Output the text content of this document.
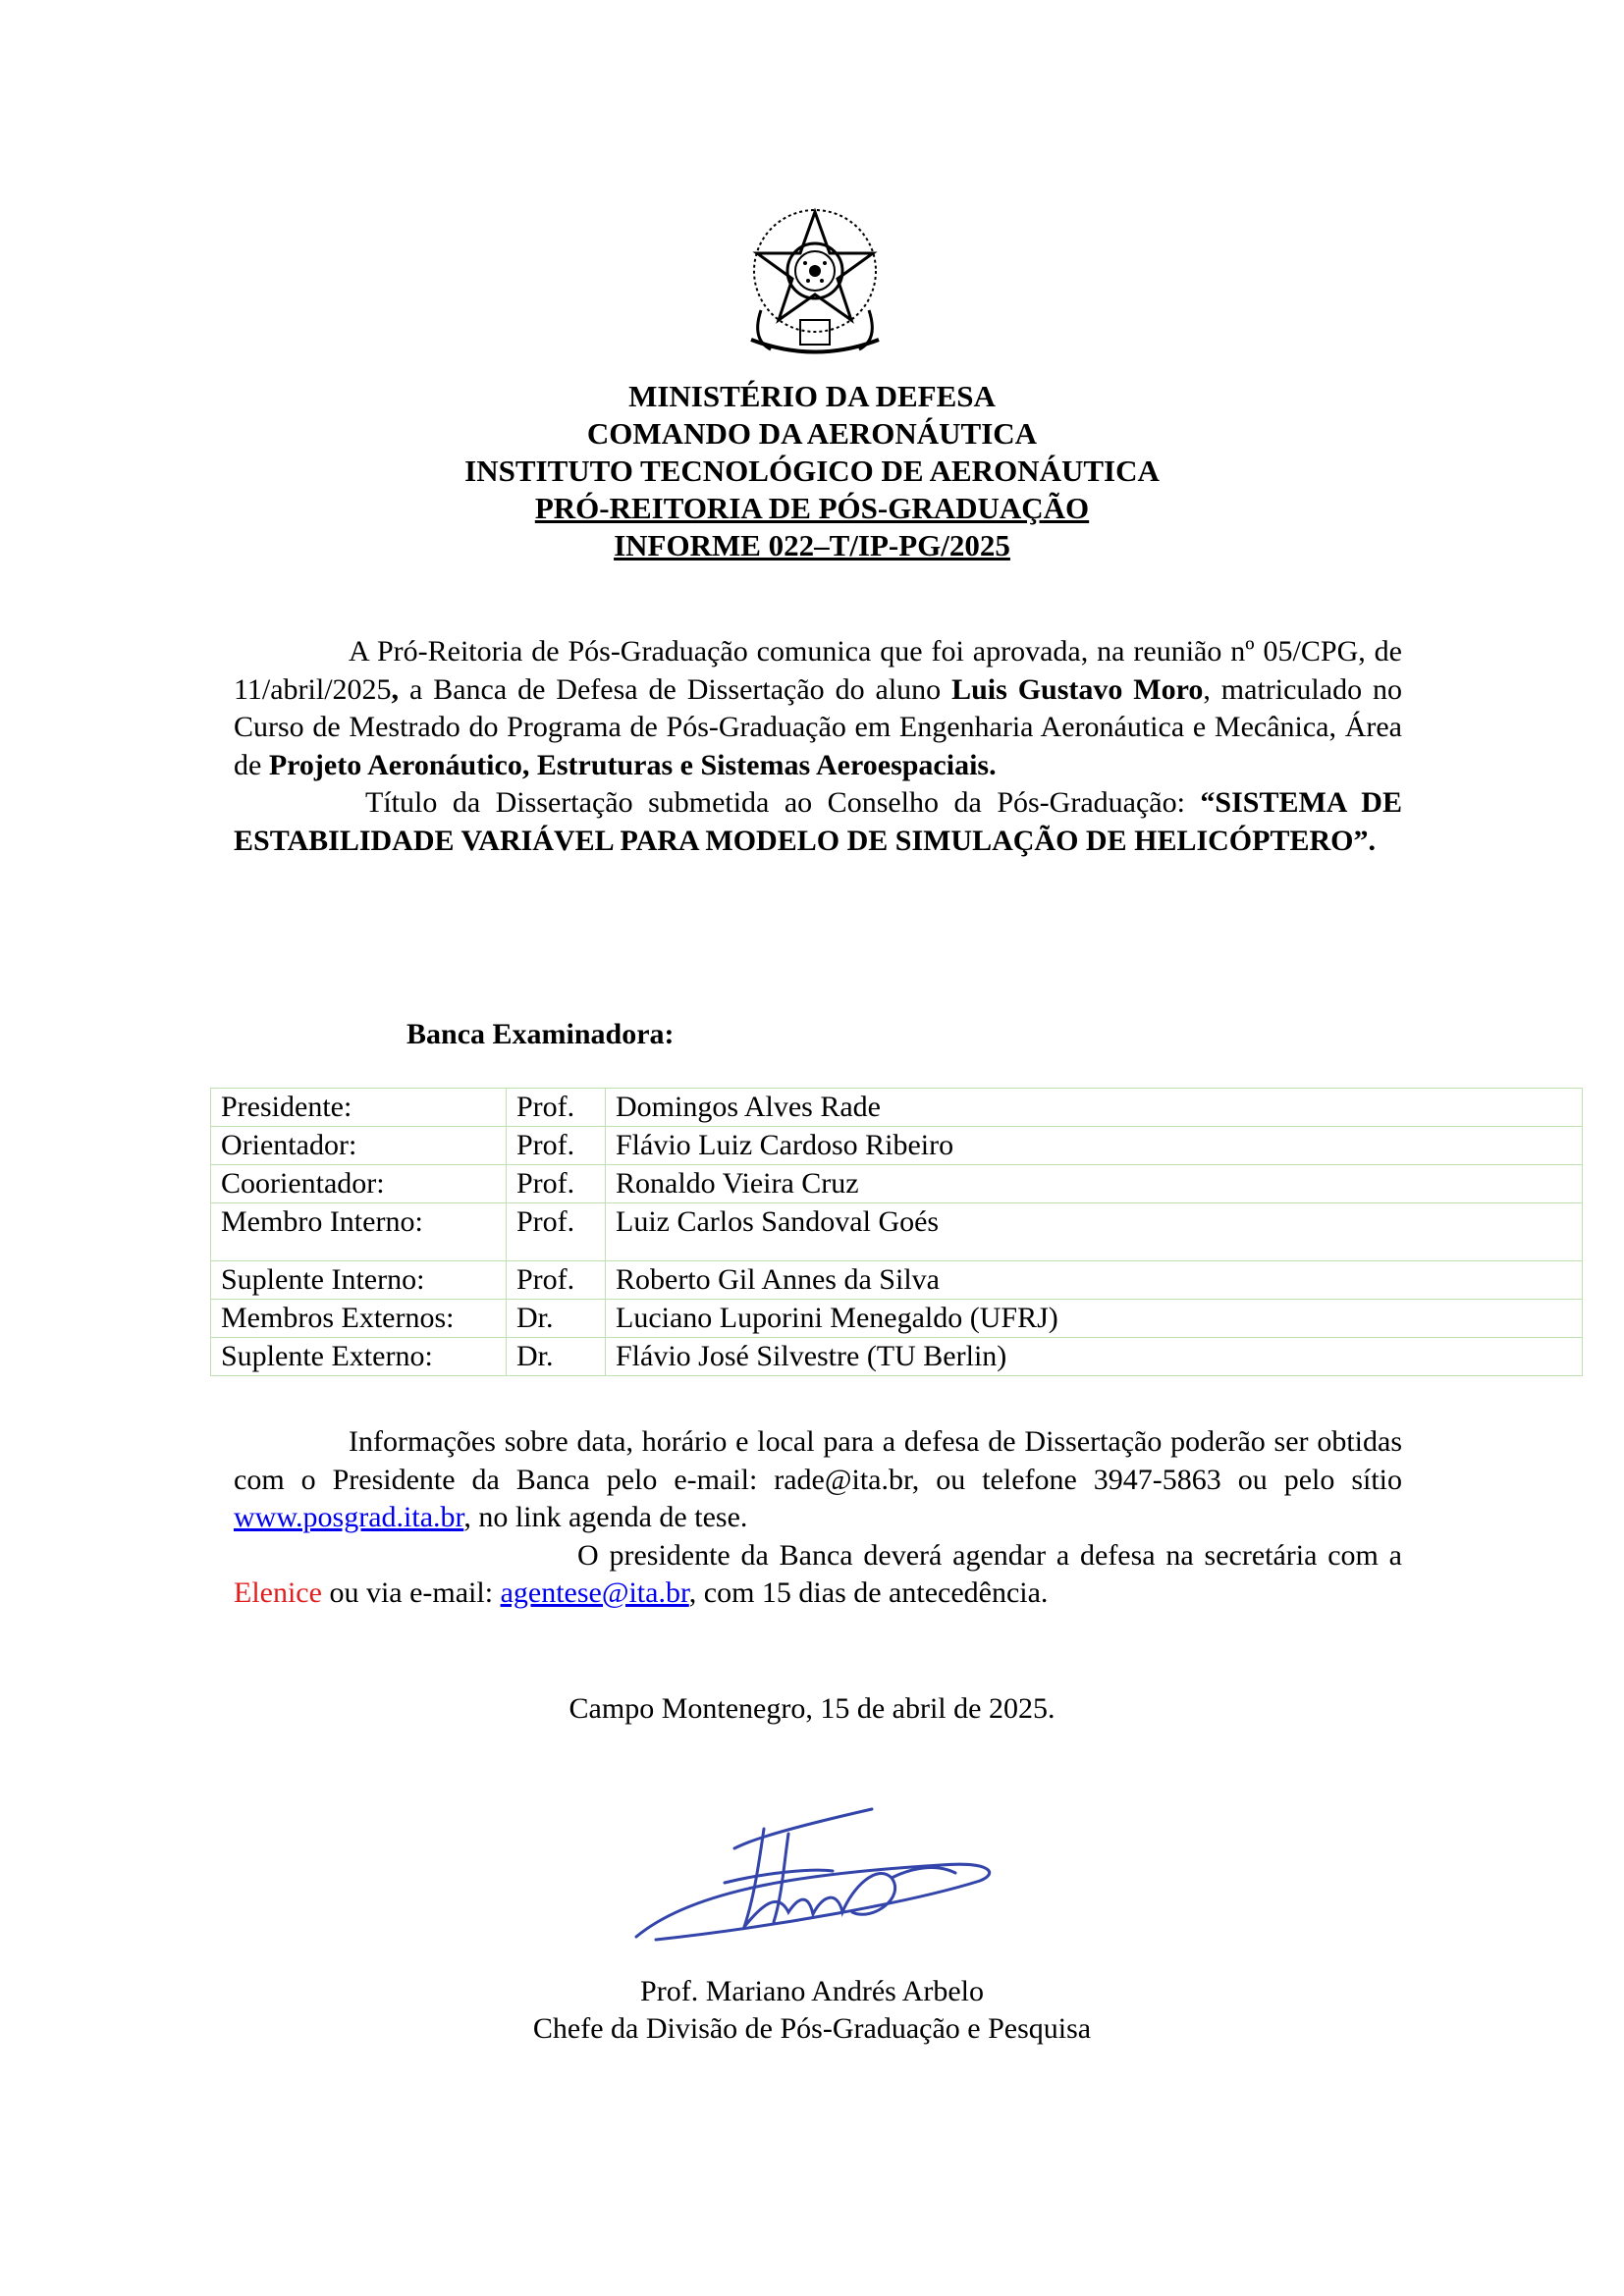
MINISTÉRIO DA DEFESA
COMANDO DA AERONÁUTICA
INSTITUTO TECNOLÓGICO DE AERONÁUTICA
PRÓ-REITORIA DE PÓS-GRADUAÇÃO
INFORME 022–T/IP-PG/2025

A Pró-Reitoria de Pós-Graduação comunica que foi aprovada, na reunião nº 05/CPG, de 11/abril/2025, a Banca de Defesa de Dissertação do aluno Luis Gustavo Moro, matriculado no Curso de Mestrado do Programa de Pós-Graduação em Engenharia Aeronáutica e Mecânica, Área de Projeto Aeronáutico, Estruturas e Sistemas Aeroespaciais.

Título da Dissertação submetida ao Conselho da Pós-Graduação: “SISTEMA DE ESTABILIDADE VARIÁVEL PARA MODELO DE SIMULAÇÃO DE HELICÓPTERO”.

Banca Examinadora:
Presidente:	Prof.	Domingos Alves Rade
Orientador:	Prof.	Flávio Luiz Cardoso Ribeiro
Coorientador:	Prof.	Ronaldo Vieira Cruz
Membro Interno:	Prof.	Luiz Carlos Sandoval Goés
Suplente Interno:	Prof.	Roberto Gil Annes da Silva
Membros Externos:	Dr.	Luciano Luporini Menegaldo (UFRJ)
Suplente Externo:	Dr.	Flávio José Silvestre (TU Berlin)

Informações sobre data, horário e local para a defesa de Dissertação poderão ser obtidas com o Presidente da Banca pelo e-mail: rade@ita.br, ou telefone 3947-5863 ou pelo sítio www.posgrad.ita.br, no link agenda de tese.

O presidente da Banca deverá agendar a defesa na secretária com a Elenice ou via e-mail: agentese@ita.br, com 15 dias de antecedência.

Campo Montenegro, 15 de abril de 2025.
Prof. Mariano Andrés Arbelo
Chefe da Divisão de Pós-Graduação e Pesquisa
